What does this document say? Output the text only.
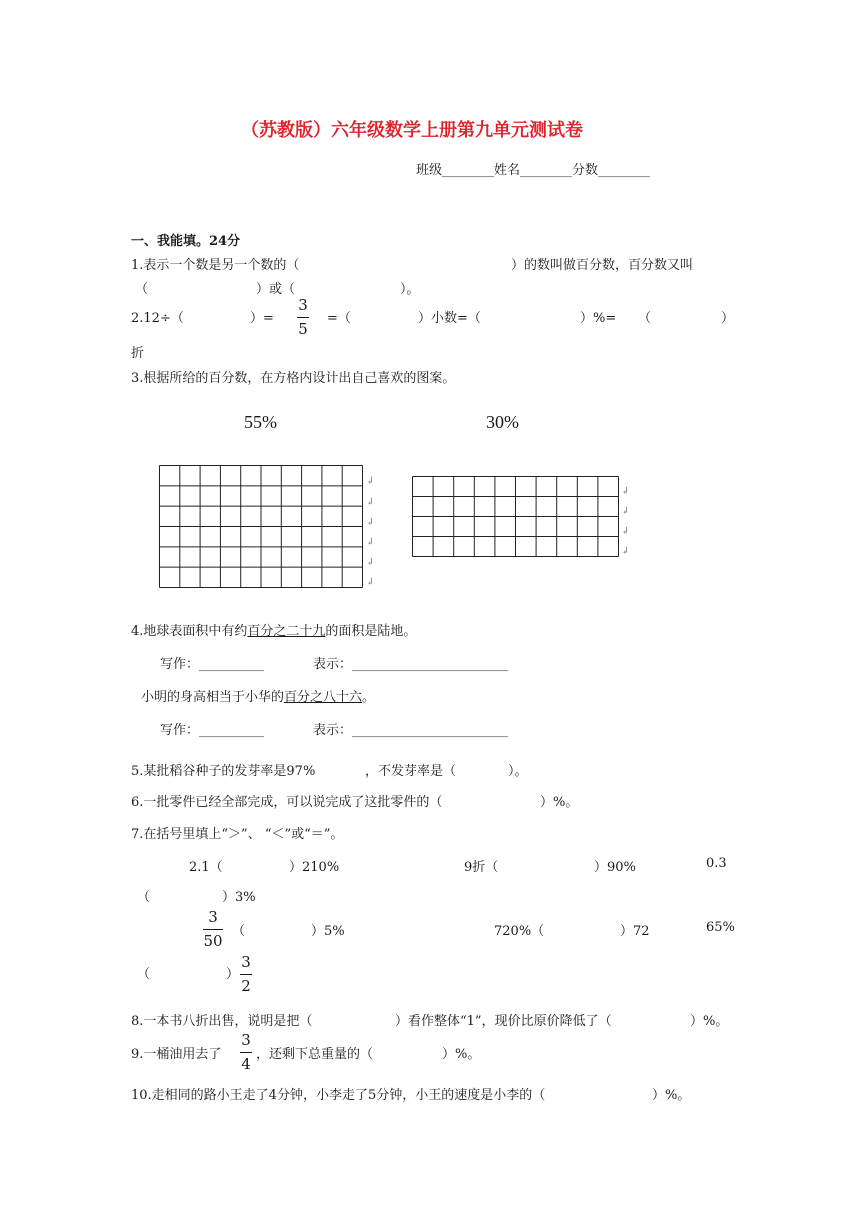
（苏教版）六年级数学上册第九单元测试卷
班级________姓名________分数________
一、我能填。24分
1.表示一个数是另一个数的（	）的数叫做百分数，百分数又叫
（	）或（	）。
2.12÷（	）=
3
5
=（	）小数=（	）%= （	）
折
3.根据所给的百分数，在方格内设计出自己喜欢的图案。
55%	30%
↲
↲
↲
↲
↲
↲
↲
↲
↲
↲
4.地球表面积中有约百分之二十九的面积是陆地。
写作：__________	表示：________________________
小明的身高相当于小华的百分之八十六。
写作：__________	表示：________________________
5.某批稻谷种子的发芽率是97%	，不发芽率是（	）。
6.一批零件已经全部完成，可以说完成了这批零件的（	）%。
7.在括号里填上“＞”、 “＜”或“＝”。
2.1（	）210%	9折（	）90%	0.3
（	）3%
3
50
（	）5%	720%（	）72	65%
（	）
3
2
8.一本书八折出售，说明是把（	）看作整体“1”，现价比原价降低了（	）%。
9.一桶油用去了
3
4
，还剩下总重量的（	）%。
10.走相同的路小王走了4分钟，小李走了5分钟，小王的速度是小李的（	）%。
